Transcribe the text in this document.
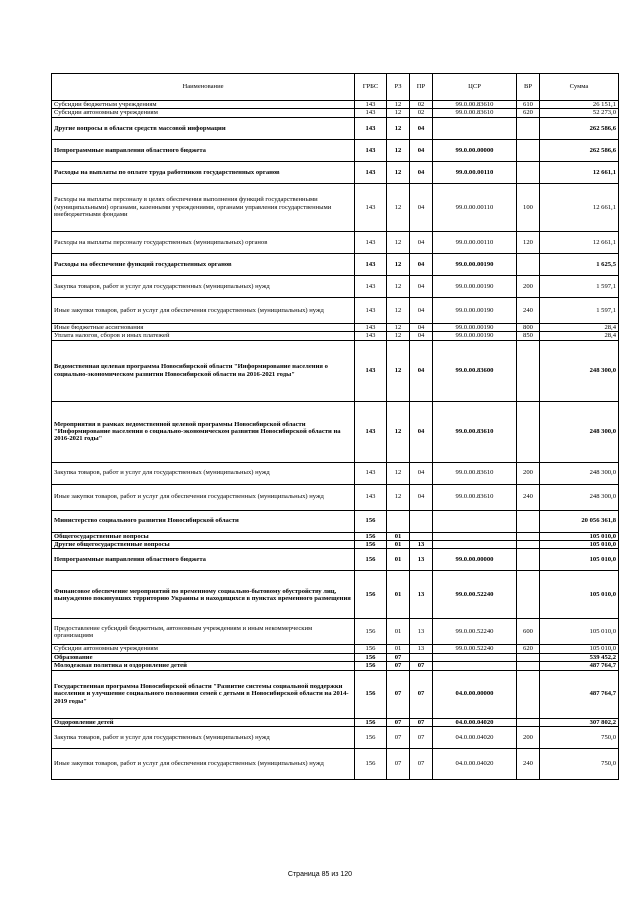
Наименование	ГРБС	РЗ	ПР	ЦСР	ВР	Сумма
Субсидии бюджетным учреждениям	143	12	02	99.0.00.83610	610	26 151,1
Субсидии автономным учреждениям	143	12	02	99.0.00.83610	620	52 273,0
Другие вопросы в области средств массовой информации	143	12	04			262 586,6
Непрограммные направления областного бюджета	143	12	04	99.0.00.00000		262 586,6
Расходы на выплаты по оплате труда работников государственных органов	143	12	04	99.0.00.00110		12 661,1
Расходы на выплаты персоналу в целях обеспечения выполнения функций государственными (муниципальными) органами, казенными учреждениями, органами управления государственными внебюджетными фондами	143	12	04	99.0.00.00110	100	12 661,1
Расходы на выплаты персоналу государственных (муниципальных) органов	143	12	04	99.0.00.00110	120	12 661,1
Расходы на обеспечение функций государственных органов	143	12	04	99.0.00.00190		1 625,5
Закупка товаров, работ и услуг для государственных (муниципальных) нужд	143	12	04	99.0.00.00190	200	1 597,1
Иные закупки товаров, работ и услуг для обеспечения государственных (муниципальных) нужд	143	12	04	99.0.00.00190	240	1 597,1
Иные бюджетные ассигнования	143	12	04	99.0.00.00190	800	28,4
Уплата налогов, сборов и иных платежей	143	12	04	99.0.00.00190	850	28,4
Ведомственная целевая программа Новосибирской области "Информирование населения о социально-экономическом развитии Новосибирской области на 2016-2021 годы"	143	12	04	99.0.00.83600		248 300,0
Мероприятия в рамках ведомственной целевой программы Новосибирской области "Информирование населения о социально-экономическом развитии Новосибирской области на 2016-2021 годы"	143	12	04	99.0.00.83610		248 300,0
Закупка товаров, работ и услуг для государственных (муниципальных) нужд	143	12	04	99.0.00.83610	200	248 300,0
Иные закупки товаров, работ и услуг для обеспечения государственных (муниципальных) нужд	143	12	04	99.0.00.83610	240	248 300,0
Министерство социального развития Новосибирской области	156					20 056 361,8
Общегосударственные вопросы	156	01				105 010,0
Другие общегосударственные вопросы	156	01	13			105 010,0
Непрограммные направления областного бюджета	156	01	13	99.0.00.00000		105 010,0
Финансовое обеспечение мероприятий по временному социально-бытовому обустройству лиц, вынужденно покинувших территорию Украины и находящихся в пунктах временного размещения	156	01	13	99.0.00.52240		105 010,0
Предоставление субсидий бюджетным, автономным учреждениям и иным некоммерческим организациям	156	01	13	99.0.00.52240	600	105 010,0
Субсидии автономным учреждениям	156	01	13	99.0.00.52240	620	105 010,0
Образование	156	07				539 452,2
Молодежная политика и оздоровление детей	156	07	07			487 764,7
Государственная программа Новосибирской области "Развитие системы социальной поддержки населения и улучшение социального положения семей с детьми в Новосибирской области на 2014-2019 годы"	156	07	07	04.0.00.00000		487 764,7
Оздоровление детей	156	07	07	04.0.00.04020		307 802,2
Закупка товаров, работ и услуг для государственных (муниципальных) нужд	156	07	07	04.0.00.04020	200	750,0
Иные закупки товаров, работ и услуг для обеспечения государственных (муниципальных) нужд	156	07	07	04.0.00.04020	240	750,0
Страница 85 из 120
